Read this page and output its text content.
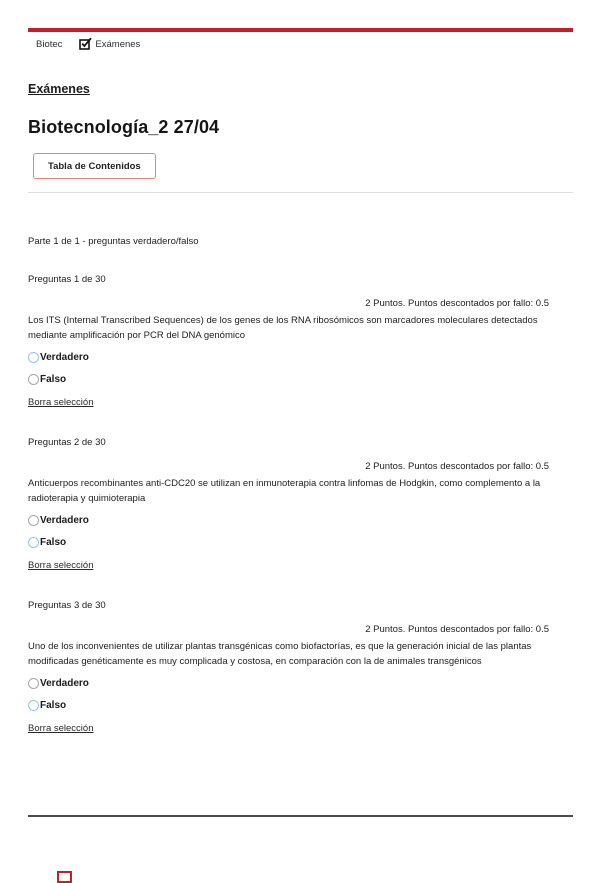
Biotec	Exámenes
Exámenes
Biotecnología_2 27/04
Tabla de Contenidos
Parte 1 de 1 - preguntas verdadero/falso
Preguntas 1 de 30
2 Puntos. Puntos descontados por fallo: 0.5
Los ITS (Internal Transcribed Sequences) de los genes de los RNA ribosómicos son marcadores moleculares detectados mediante amplificación por PCR del DNA genómico
Verdadero
Falso
Borra selección
Preguntas 2 de 30
2 Puntos. Puntos descontados por fallo: 0.5
Anticuerpos recombinantes anti-CDC20 se utilizan en inmunoterapia contra linfomas de Hodgkin, como complemento a la radioterapia y quimioterapia
Verdadero
Falso
Borra selección
Preguntas 3 de 30
2 Puntos. Puntos descontados por fallo: 0.5
Uno de los inconvenientes de utilizar plantas transgénicas como biofactorías, es que la generación inicial de las plantas modificadas genéticamente es muy complicada y costosa, en comparación con la de animales transgénicos
Verdadero
Falso
Borra selección
